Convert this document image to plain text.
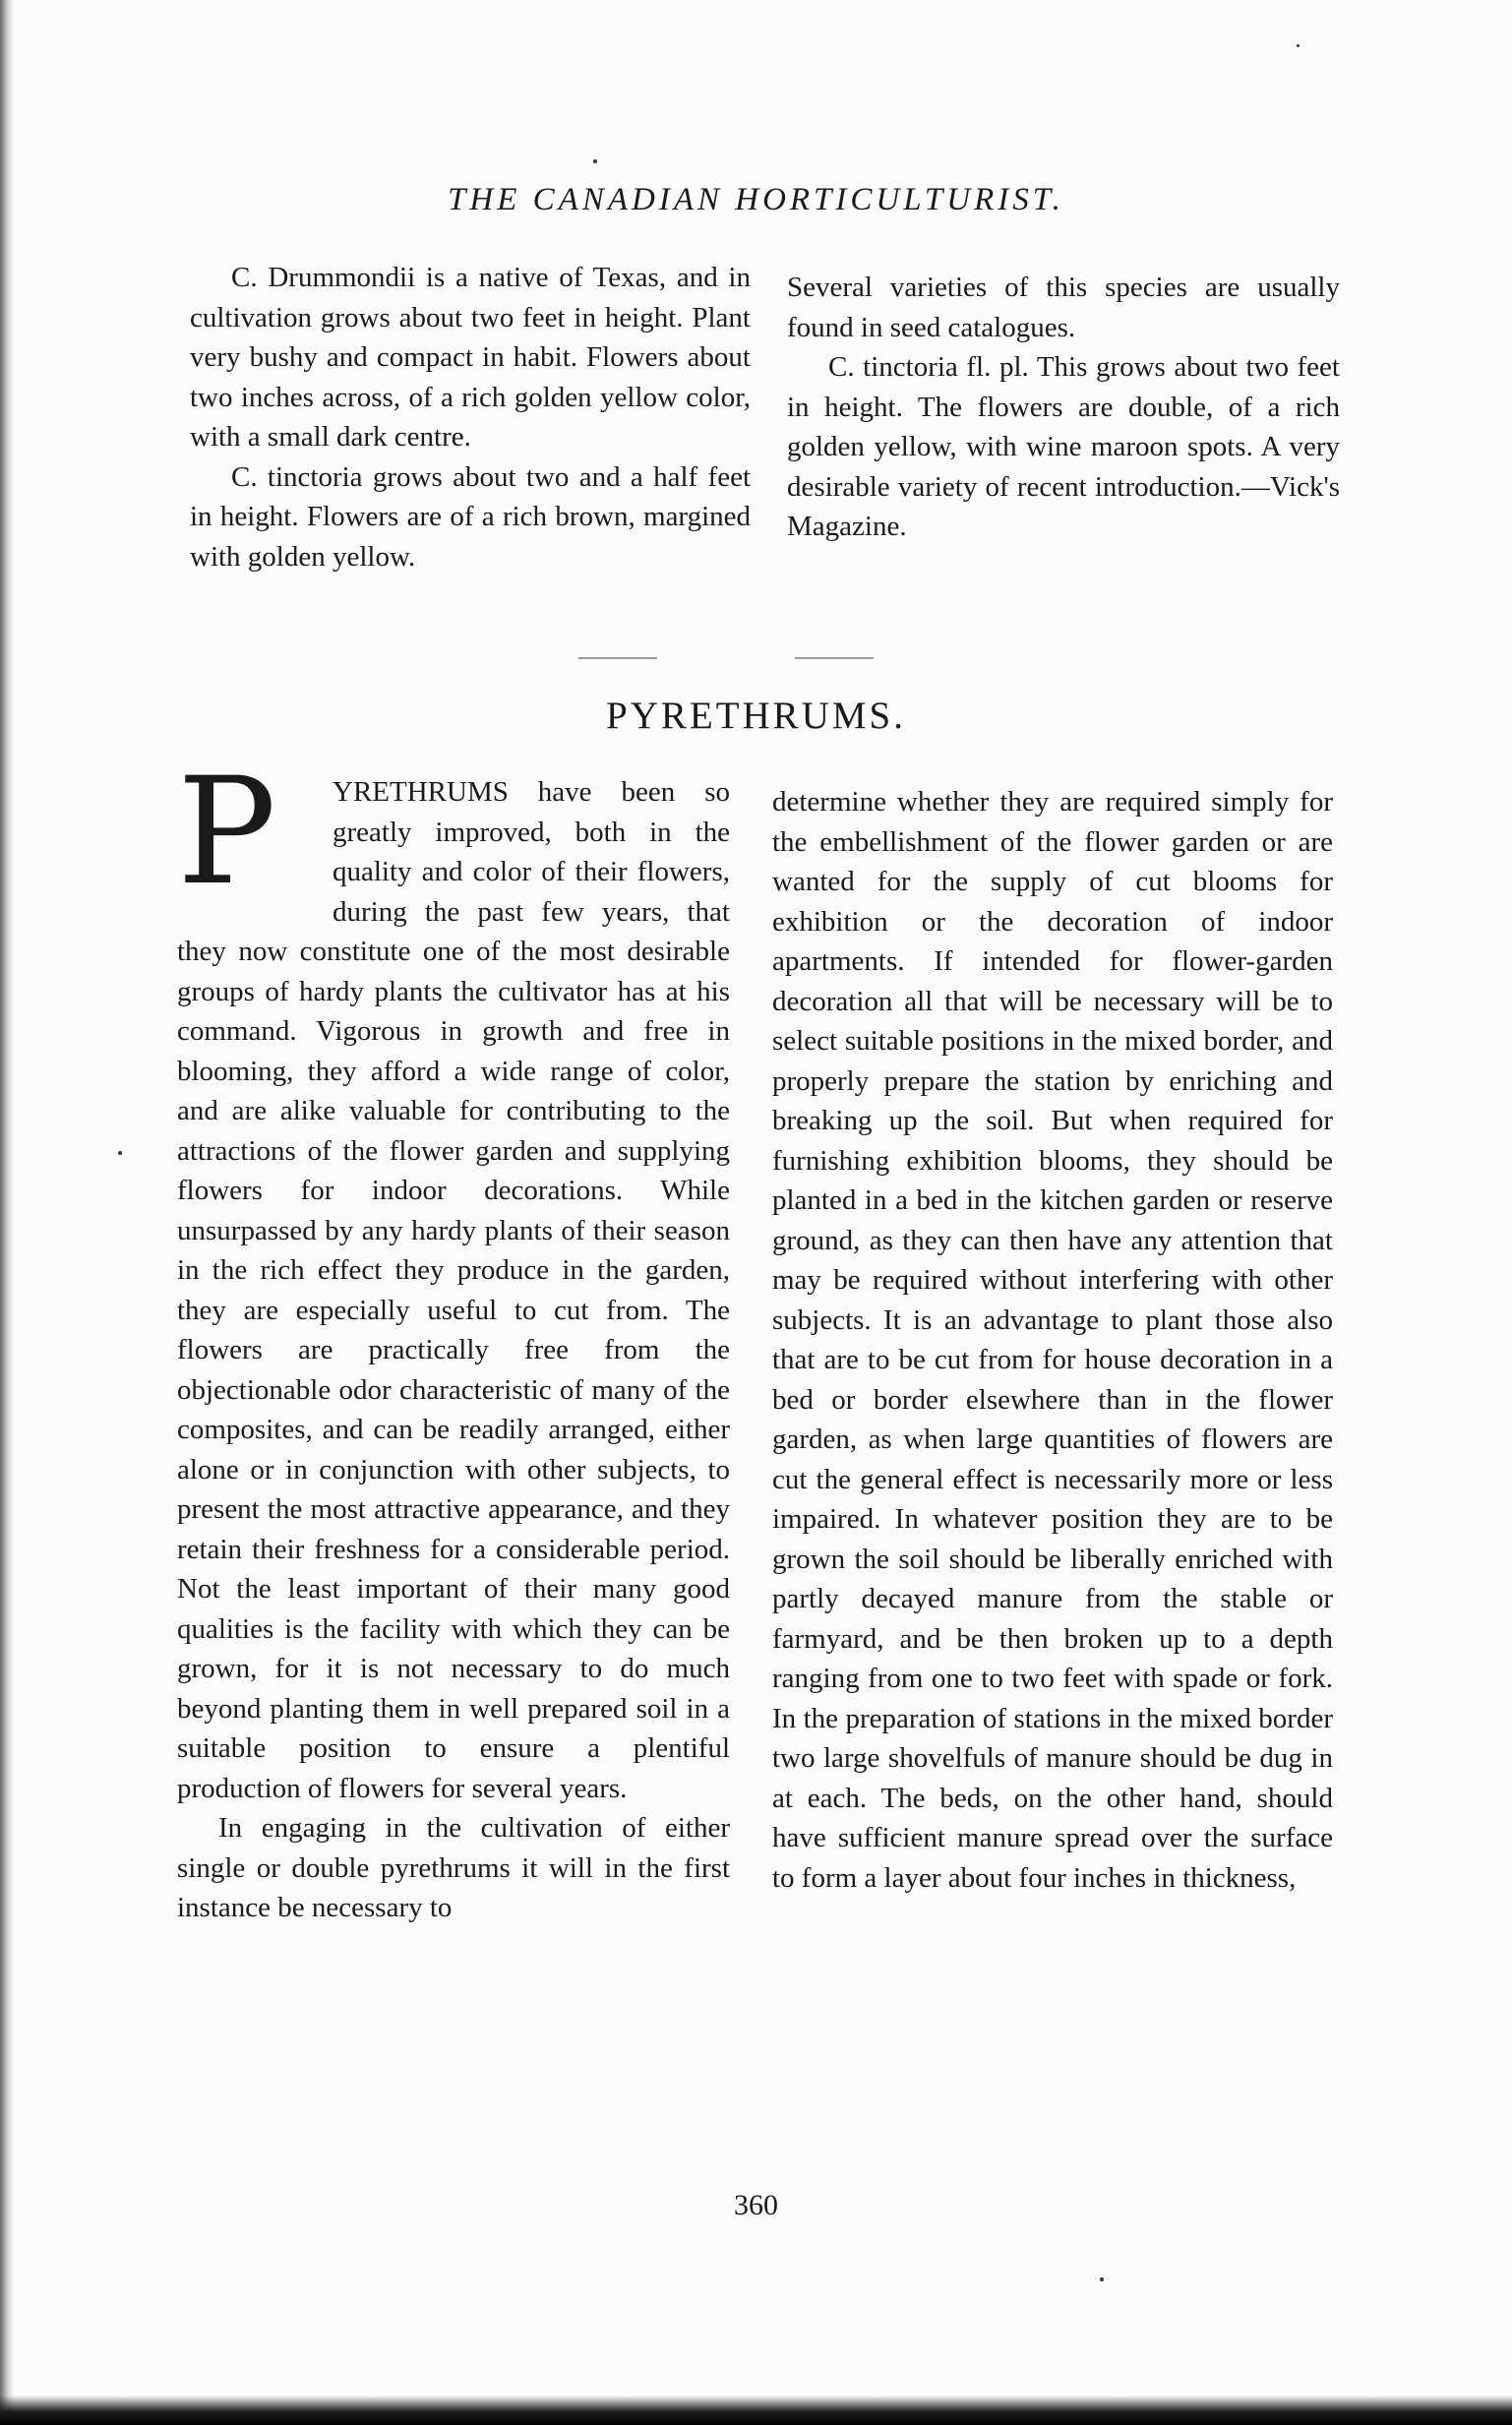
THE CANADIAN HORTICULTURIST.

C. Drummondii is a native of Texas, and in cultivation grows about two feet in height. Plant very bushy and compact in habit. Flowers about two inches across, of a rich golden yellow color, with a small dark centre.

C. tinctoria grows about two and a half feet in height. Flowers are of a rich brown, margined with golden yellow.

Several varieties of this species are usually found in seed catalogues.

C. tinctoria fl. pl. This grows about two feet in height. The flowers are double, of a rich golden yellow, with wine maroon spots. A very desirable variety of recent introduction.—Vick's Magazine.

PYRETHRUMS.

P YRETHRUMS have been so greatly improved, both in the quality and color of their flowers, during the past few years, that they now constitute one of the most desirable groups of hardy plants the cultivator has at his command. Vigorous in growth and free in blooming, they afford a wide range of color, and are alike valuable for contributing to the attractions of the flower garden and supplying flowers for indoor decorations. While unsurpassed by any hardy plants of their season in the rich effect they produce in the garden, they are especially useful to cut from. The flowers are practically free from the objectionable odor characteristic of many of the composites, and can be readily arranged, either alone or in conjunction with other subjects, to present the most attractive appearance, and they retain their freshness for a considerable period. Not the least important of their many good qualities is the facility with which they can be grown, for it is not necessary to do much beyond planting them in well prepared soil in a suitable position to ensure a plentiful production of flowers for several years.

In engaging in the cultivation of either single or double pyrethrums it will in the first instance be necessary to

determine whether they are required simply for the embellishment of the flower garden or are wanted for the supply of cut blooms for exhibition or the decoration of indoor apartments. If intended for flower-garden decoration all that will be necessary will be to select suitable positions in the mixed border, and properly prepare the station by enriching and breaking up the soil. But when required for furnishing exhibition blooms, they should be planted in a bed in the kitchen garden or reserve ground, as they can then have any attention that may be required without interfering with other subjects. It is an advantage to plant those also that are to be cut from for house decoration in a bed or border elsewhere than in the flower garden, as when large quantities of flowers are cut the general effect is necessarily more or less impaired. In whatever position they are to be grown the soil should be liberally enriched with partly decayed manure from the stable or farmyard, and be then broken up to a depth ranging from one to two feet with spade or fork. In the preparation of stations in the mixed border two large shovelfuls of manure should be dug in at each. The beds, on the other hand, should have sufficient manure spread over the surface to form a layer about four inches in thickness,

360
